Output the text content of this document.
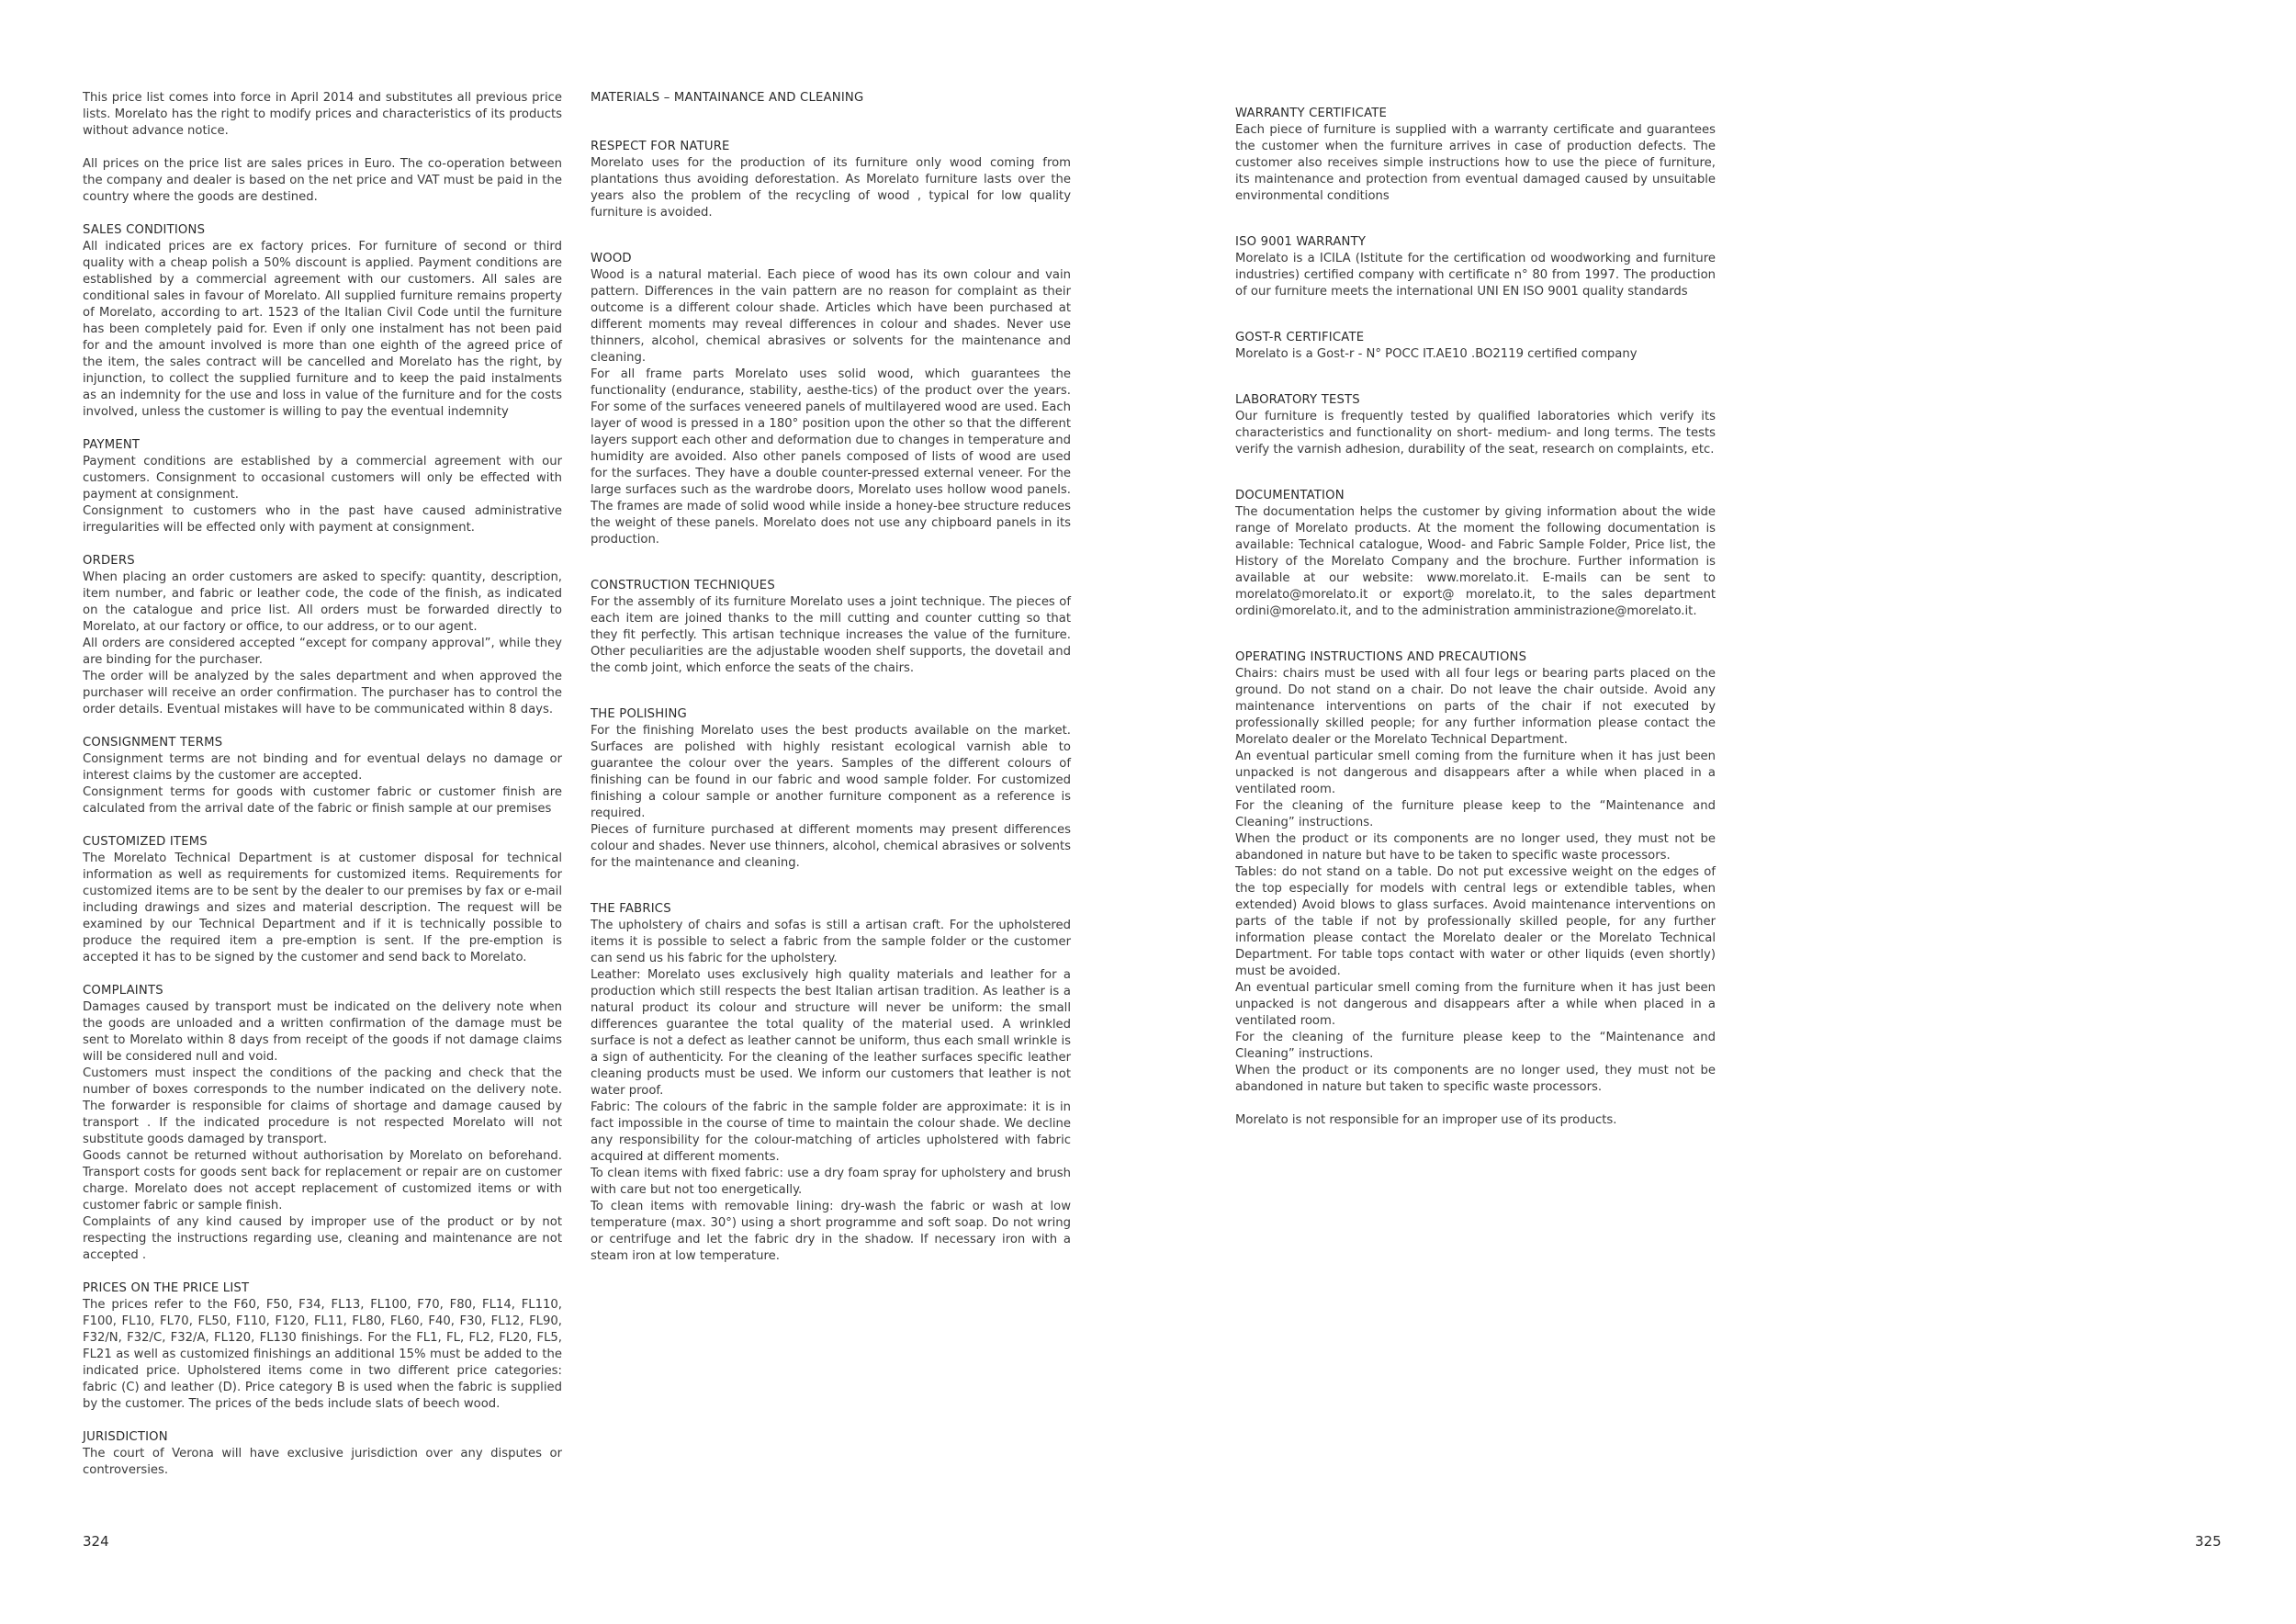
This price list comes into force in April 2014 and substitutes all previous price lists. Morelato has the right to modify prices and characteristics of its products without advance notice.
All prices on the price list are sales prices in Euro. The co-operation between the company and dealer is based on the net price and VAT must be paid in the country where the goods are destined.
SALES CONDITIONS
All indicated prices are ex factory prices. For furniture of second or third quality with a cheap polish a 50% discount is applied. Payment conditions are established by a commercial agreement with our customers. All sales are conditional sales in favour of Morelato. All supplied furniture remains property of Morelato, according to art. 1523 of the Italian Civil Code until the furniture has been completely paid for. Even if only one instalment has not been paid for and the amount involved is more than one eighth of the agreed price of the item, the sales contract will be cancelled and Morelato has the right, by injunction, to collect the supplied furniture and to keep the paid instalments as an indemnity for the use and loss in value of the furniture and for the costs involved, unless the customer is willing to pay the eventual indemnity
PAYMENT
Payment conditions are established by a commercial agreement with our customers. Consignment to occasional customers will only be effected with payment at consignment.
Consignment to customers who in the past have caused administrative irregularities will be effected only with payment at consignment.
ORDERS
When placing an order customers are asked to specify: quantity, description, item number, and fabric or leather code, the code of the finish, as indicated on the catalogue and price list. All orders must be forwarded directly to Morelato, at our factory or office, to our address, or to our agent.
All orders are considered accepted “except for company approval”, while they are binding for the purchaser.
The order will be analyzed by the sales department and when approved the purchaser will receive an order confirmation. The purchaser has to control the order details. Eventual mistakes will have to be communicated within 8 days.
CONSIGNMENT TERMS
Consignment terms are not binding and for eventual delays no damage or interest claims by the customer are accepted.
Consignment terms for goods with customer fabric or customer finish are calculated from the arrival date of the fabric or finish sample at our premises
CUSTOMIZED ITEMS
The Morelato Technical Department is at customer disposal for technical information as well as requirements for customized items. Requirements for customized items are to be sent by the dealer to our premises by fax or e-mail including drawings and sizes and material description. The request will be examined by our Technical Department and if it is technically possible to produce the required item a pre-emption is sent. If the pre-emption is accepted it has to be signed by the customer and send back to Morelato.
COMPLAINTS
Damages caused by transport must be indicated on the delivery note when the goods are unloaded and a written confirmation of the damage must be sent to Morelato within 8 days from receipt of the goods if not damage claims will be considered null and void.
Customers must inspect the conditions of the packing and check that the number of boxes corresponds to the number indicated on the delivery note. The forwarder is responsible for claims of shortage and damage caused by transport . If the indicated procedure is not respected Morelato will not substitute goods damaged by transport.
Goods cannot be returned without authorisation by Morelato on beforehand. Transport costs for goods sent back for replacement or repair are on customer charge. Morelato does not accept replacement of customized items or with customer fabric or sample finish.
Complaints of any kind caused by improper use of the product or by not respecting the instructions regarding use, cleaning and maintenance are not accepted .
PRICES ON THE PRICE LIST
The prices refer to the F60, F50, F34, FL13, FL100, F70, F80, FL14, FL110, F100, FL10, FL70, FL50, F110, F120, FL11, FL80, FL60, F40, F30, FL12, FL90, F32/N, F32/C, F32/A, FL120, FL130 finishings. For the FL1, FL, FL2, FL20, FL5, FL21 as well as customized finishings an additional 15% must be added to the indicated price. Upholstered items come in two different price categories: fabric (C) and leather (D). Price category B is used when the fabric is supplied by the customer. The prices of the beds include slats of beech wood.
JURISDICTION
The court of Verona will have exclusive jurisdiction over any disputes or controversies.
MATERIALS – MANTAINANCE AND CLEANING
RESPECT FOR NATURE
Morelato uses for the production of its furniture only wood coming from plantations thus avoiding deforestation. As Morelato furniture lasts over the years also the problem of the recycling of wood , typical for low quality furniture is avoided.
WOOD
Wood is a natural material. Each piece of wood has its own colour and vain pattern. Differences in the vain pattern are no reason for complaint as their outcome is a different colour shade. Articles which have been purchased at different moments may reveal differences in colour and shades. Never use thinners, alcohol, chemical abrasives or solvents for the maintenance and cleaning.
For all frame parts Morelato uses solid wood, which guarantees the functionality (endurance, stability, aesthe-tics) of the product over the years. For some of the surfaces veneered panels of multilayered wood are used. Each layer of wood is pressed in a 180° position upon the other so that the different layers support each other and deformation due to changes in temperature and humidity are avoided. Also other panels composed of lists of wood are used for the surfaces. They have a double counter-pressed external veneer. For the large surfaces such as the wardrobe doors, Morelato uses hollow wood panels. The frames are made of solid wood while inside a honey-bee structure reduces the weight of these panels. Morelato does not use any chipboard panels in its production.
CONSTRUCTION TECHNIQUES
For the assembly of its furniture Morelato uses a joint technique. The pieces of each item are joined thanks to the mill cutting and counter cutting so that they fit perfectly. This artisan technique increases the value of the furniture. Other peculiarities are the adjustable wooden shelf supports, the dovetail and the comb joint, which enforce the seats of the chairs.
THE POLISHING
For the finishing Morelato uses the best products available on the market. Surfaces are polished with highly resistant ecological varnish able to guarantee the colour over the years. Samples of the different colours of finishing can be found in our fabric and wood sample folder. For customized finishing a colour sample or another furniture component as a reference is required.
Pieces of furniture purchased at different moments may present differences colour and shades. Never use thinners, alcohol, chemical abrasives or solvents for the maintenance and cleaning.
THE FABRICS
The upholstery of chairs and sofas is still a artisan craft. For the upholstered items it is possible to select a fabric from the sample folder or the customer can send us his fabric for the upholstery.
Leather: Morelato uses exclusively high quality materials and leather for a production which still respects the best Italian artisan tradition. As leather is a natural product its colour and structure will never be uniform: the small differences guarantee the total quality of the material used. A wrinkled surface is not a defect as leather cannot be uniform, thus each small wrinkle is a sign of authenticity. For the cleaning of the leather surfaces specific leather cleaning products must be used. We inform our customers that leather is not water proof.
Fabric: The colours of the fabric in the sample folder are approximate: it is in fact impossible in the course of time to maintain the colour shade. We decline any responsibility for the colour-matching of articles upholstered with fabric acquired at different moments.
To clean items with fixed fabric: use a dry foam spray for upholstery and brush with care but not too energetically.
To clean items with removable lining: dry-wash the fabric or wash at low temperature (max. 30°) using a short programme and soft soap. Do not wring or centrifuge and let the fabric dry in the shadow. If necessary iron with a steam iron at low temperature.
WARRANTY CERTIFICATE
Each piece of furniture is supplied with a warranty certificate and guarantees the customer when the furniture arrives in case of production defects. The customer also receives simple instructions how to use the piece of furniture, its maintenance and protection from eventual damaged caused by unsuitable environmental conditions
ISO 9001 WARRANTY
Morelato is a ICILA (Istitute for the certification od woodworking and furniture industries) certified company with certificate n° 80 from 1997. The production of our furniture meets the international UNI EN ISO 9001 quality standards
GOST-R CERTIFICATE
Morelato is a Gost-r - N° POCC IT.AE10 .BO2119 certified company
LABORATORY TESTS
Our furniture is frequently tested by qualified laboratories which verify its characteristics and functionality on short- medium- and long terms. The tests verify the varnish adhesion, durability of the seat, research on complaints, etc.
DOCUMENTATION
The documentation helps the customer by giving information about the wide range of Morelato products. At the moment the following documentation is available: Technical catalogue, Wood- and Fabric Sample Folder, Price list, the History of the Morelato Company and the brochure. Further information is available at our website: www.morelato.it. E-mails can be sent to morelato@morelato.it or export@ morelato.it, to the sales department ordini@morelato.it, and to the administration amministrazione@morelato.it.
OPERATING INSTRUCTIONS AND PRECAUTIONS
Chairs: chairs must be used with all four legs or bearing parts placed on the ground. Do not stand on a chair. Do not leave the chair outside. Avoid any maintenance interventions on parts of the chair if not executed by professionally skilled people; for any further information please contact the Morelato dealer or the Morelato Technical Department.
An eventual particular smell coming from the furniture when it has just been unpacked is not dangerous and disappears after a while when placed in a ventilated room.
For the cleaning of the furniture please keep to the “Maintenance and Cleaning” instructions.
When the product or its components are no longer used, they must not be abandoned in nature but have to be taken to specific waste processors.
Tables: do not stand on a table. Do not put excessive weight on the edges of the top especially for models with central legs or extendible tables, when extended) Avoid blows to glass surfaces. Avoid maintenance interventions on parts of the table if not by professionally skilled people, for any further information please contact the Morelato dealer or the Morelato Technical Department. For table tops contact with water or other liquids (even shortly) must be avoided.
An eventual particular smell coming from the furniture when it has just been unpacked is not dangerous and disappears after a while when placed in a ventilated room.
For the cleaning of the furniture please keep to the “Maintenance and Cleaning” instructions.
When the product or its components are no longer used, they must not be abandoned in nature but taken to specific waste processors.
Morelato is not responsible for an improper use of its products.
324	325
